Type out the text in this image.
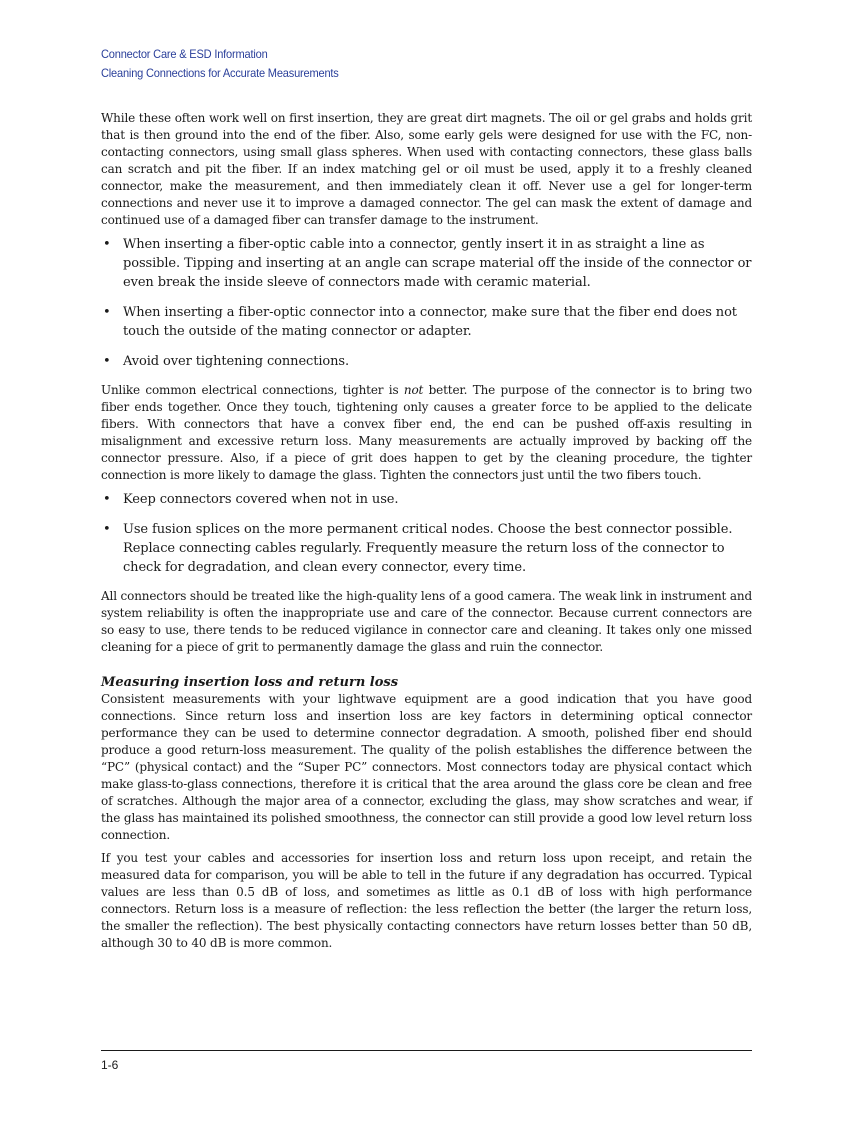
Connector Care & ESD Information
Cleaning Connections for Accurate Measurements

While these often work well on first insertion, they are great dirt magnets. The oil or gel grabs and holds grit that is then ground into the end of the fiber. Also, some early gels were designed for use with the FC, non-contacting connectors, using small glass spheres. When used with contacting connectors, these glass balls can scratch and pit the fiber. If an index matching gel or oil must be used, apply it to a freshly cleaned connector, make the measurement, and then immediately clean it off. Never use a gel for longer-term connections and never use it to improve a damaged connector. The gel can mask the extent of damage and continued use of a damaged fiber can transfer damage to the instrument.

• When inserting a fiber-optic cable into a connector, gently insert it in as straight a line as possible. Tipping and inserting at an angle can scrape material off the inside of the connector or even break the inside sleeve of connectors made with ceramic material.
• When inserting a fiber-optic connector into a connector, make sure that the fiber end does not touch the outside of the mating connector or adapter.
• Avoid over tightening connections.

Unlike common electrical connections, tighter is not better. The purpose of the connector is to bring two fiber ends together. Once they touch, tightening only causes a greater force to be applied to the delicate fibers. With connectors that have a convex fiber end, the end can be pushed off-axis resulting in misalignment and excessive return loss. Many measurements are actually improved by backing off the connector pressure. Also, if a piece of grit does happen to get by the cleaning procedure, the tighter connection is more likely to damage the glass. Tighten the connectors just until the two fibers touch.

• Keep connectors covered when not in use.
• Use fusion splices on the more permanent critical nodes. Choose the best connector possible. Replace connecting cables regularly. Frequently measure the return loss of the connector to check for degradation, and clean every connector, every time.

All connectors should be treated like the high-quality lens of a good camera. The weak link in instrument and system reliability is often the inappropriate use and care of the connector. Because current connectors are so easy to use, there tends to be reduced vigilance in connector care and cleaning. It takes only one missed cleaning for a piece of grit to permanently damage the glass and ruin the connector.

Measuring insertion loss and return loss

Consistent measurements with your lightwave equipment are a good indication that you have good connections. Since return loss and insertion loss are key factors in determining optical connector performance they can be used to determine connector degradation. A smooth, polished fiber end should produce a good return-loss measurement. The quality of the polish establishes the difference between the “PC” (physical contact) and the “Super PC” connectors. Most connectors today are physical contact which make glass-to-glass connections, therefore it is critical that the area around the glass core be clean and free of scratches. Although the major area of a connector, excluding the glass, may show scratches and wear, if the glass has maintained its polished smoothness, the connector can still provide a good low level return loss connection.

If you test your cables and accessories for insertion loss and return loss upon receipt, and retain the measured data for comparison, you will be able to tell in the future if any degradation has occurred. Typical values are less than 0.5 dB of loss, and sometimes as little as 0.1 dB of loss with high performance connectors. Return loss is a measure of reflection: the less reflection the better (the larger the return loss, the smaller the reflection). The best physically contacting connectors have return losses better than 50 dB, although 30 to 40 dB is more common.

1-6
